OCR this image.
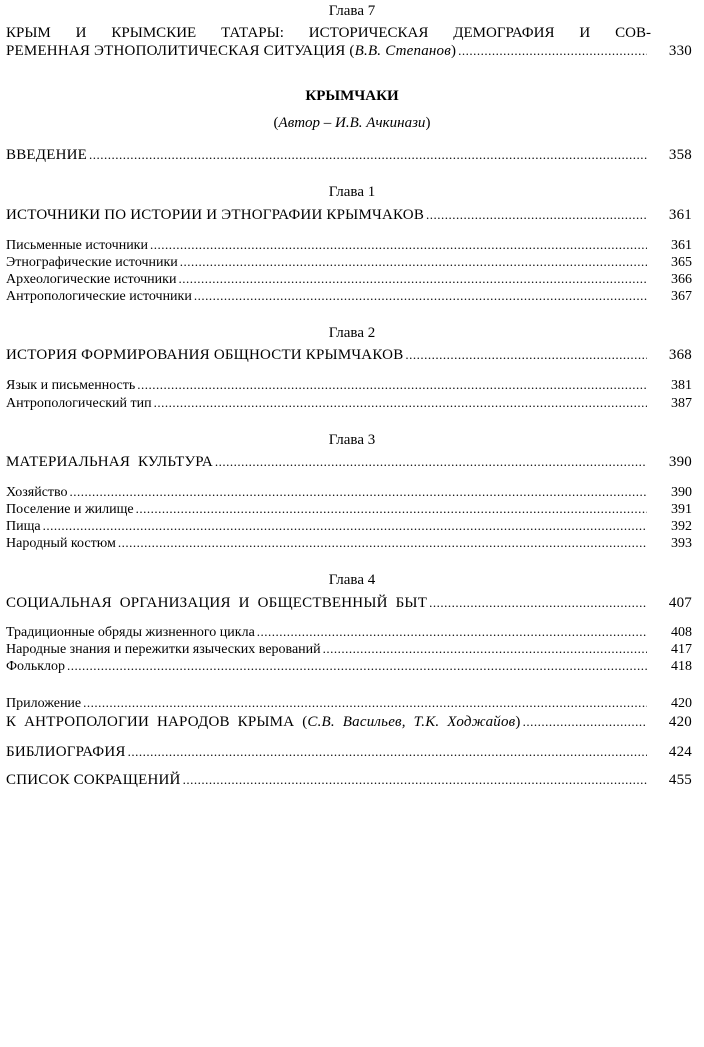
Глава 7
КРЫМ И КРЫМСКИЕ ТАТАРЫ: ИСТОРИЧЕСКАЯ ДЕМОГРАФИЯ И СОВ-
РЕМЕННАЯ ЭТНОПОЛИТИЧЕСКАЯ СИТУАЦИЯ (В.В. Степанов) .....	330
КРЫМЧАКИ
(Автор – И.В. Ачкинази)
ВВЕДЕНИЕ .....	358
Глава 1
ИСТОЧНИКИ ПО ИСТОРИИ И ЭТНОГРАФИИ КРЫМЧАКОВ .....	361
Письменные источники .....	361
Этнографические источники .....	365
Археологические источники .....	366
Антропологические источники .....	367
Глава 2
ИСТОРИЯ ФОРМИРОВАНИЯ ОБЩНОСТИ КРЫМЧАКОВ .....	368
Язык и письменность .....	381
Антропологический тип .....	387
Глава 3
МАТЕРИАЛЬНАЯ КУЛЬТУРА .....	390
Хозяйство .....	390
Поселение и жилище .....	391
Пища .....	392
Народный костюм .....	393
Глава 4
СОЦИАЛЬНАЯ ОРГАНИЗАЦИЯ И ОБЩЕСТВЕННЫЙ БЫТ .....	407
Традиционные обряды жизненного цикла .....	408
Народные знания и пережитки языческих верований .....	417
Фольклор .....	418
Приложение .....	420
К АНТРОПОЛОГИИ НАРОДОВ КРЫМА (С.В. Васильев, Т.К. Ходжайов) .....	420
БИБЛИОГРАФИЯ .....	424
СПИСОК СОКРАЩЕНИЙ .....	455
